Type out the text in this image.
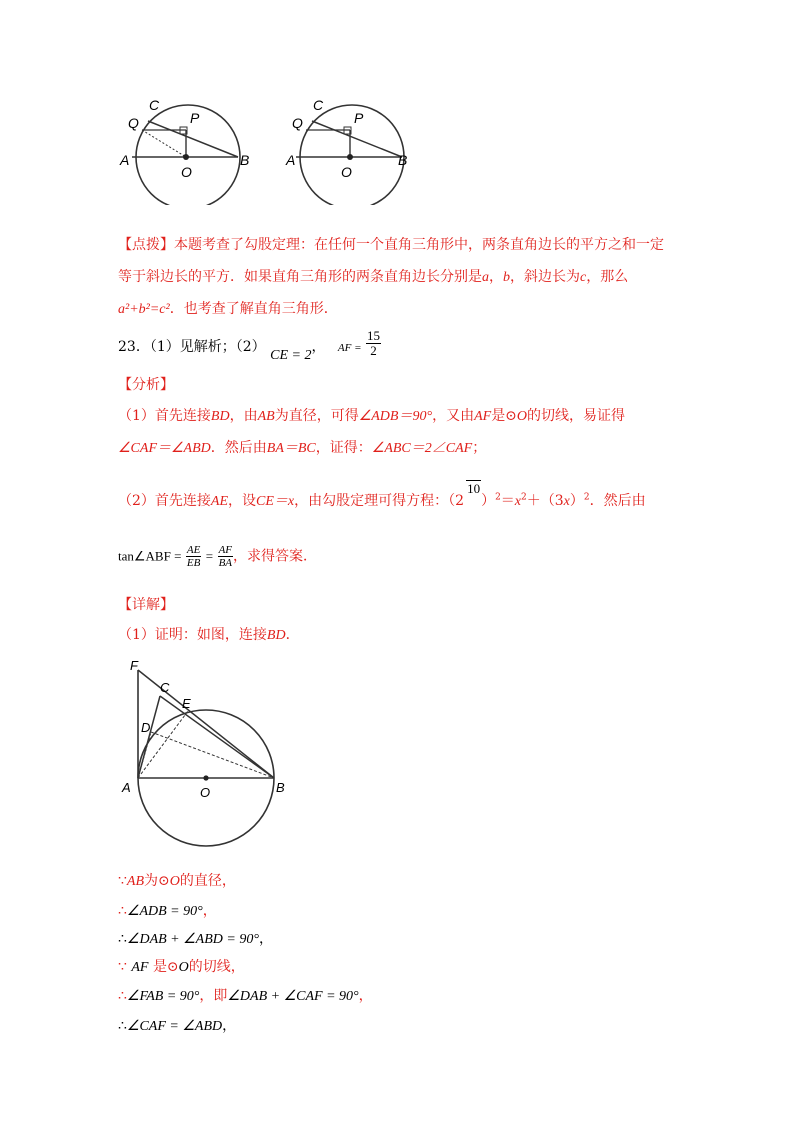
C
P
Q
A	B
O
C
P
Q
A	B
O
【点拨】本题考查了勾股定理：在任何一个直角三角形中，两条直角边长的平方之和一定
等于斜边长的平方．如果直角三角形的两条直角边长分别是a，b，斜边长为c，那么
a²+b²=c²．也考查了解直角三角形．
23．（1）见解析；（2） CE = 2， AF = $\frac{15}{2}$
【分析】
（1）首先连接BD，由AB为直径，可得∠ADB＝90°，又由AF是⊙O的切线，易证得
∠CAF＝∠ABD．然后由BA＝BC，证得：∠ABC＝2∠CAF；
（2）首先连接AE，设CE＝x，由勾股定理可得方程：$(210)^2=x^2+(3x)^2$．然后由
tan∠ABF = $\frac{AE}{EB} = \frac{AF}{BA}$ ，求得答案．
【详解】
（1）证明：如图，连接BD．
F
C
E
D
A	O	B
∵AB为⊙O的直径，
∴∠ADB = 90°，
∴∠DAB + ∠ABD = 90°，
∵ AF 是⊙O的切线，
∴∠FAB = 90°，即∠DAB + ∠CAF = 90°，
∴∠CAF = ∠ABD，
